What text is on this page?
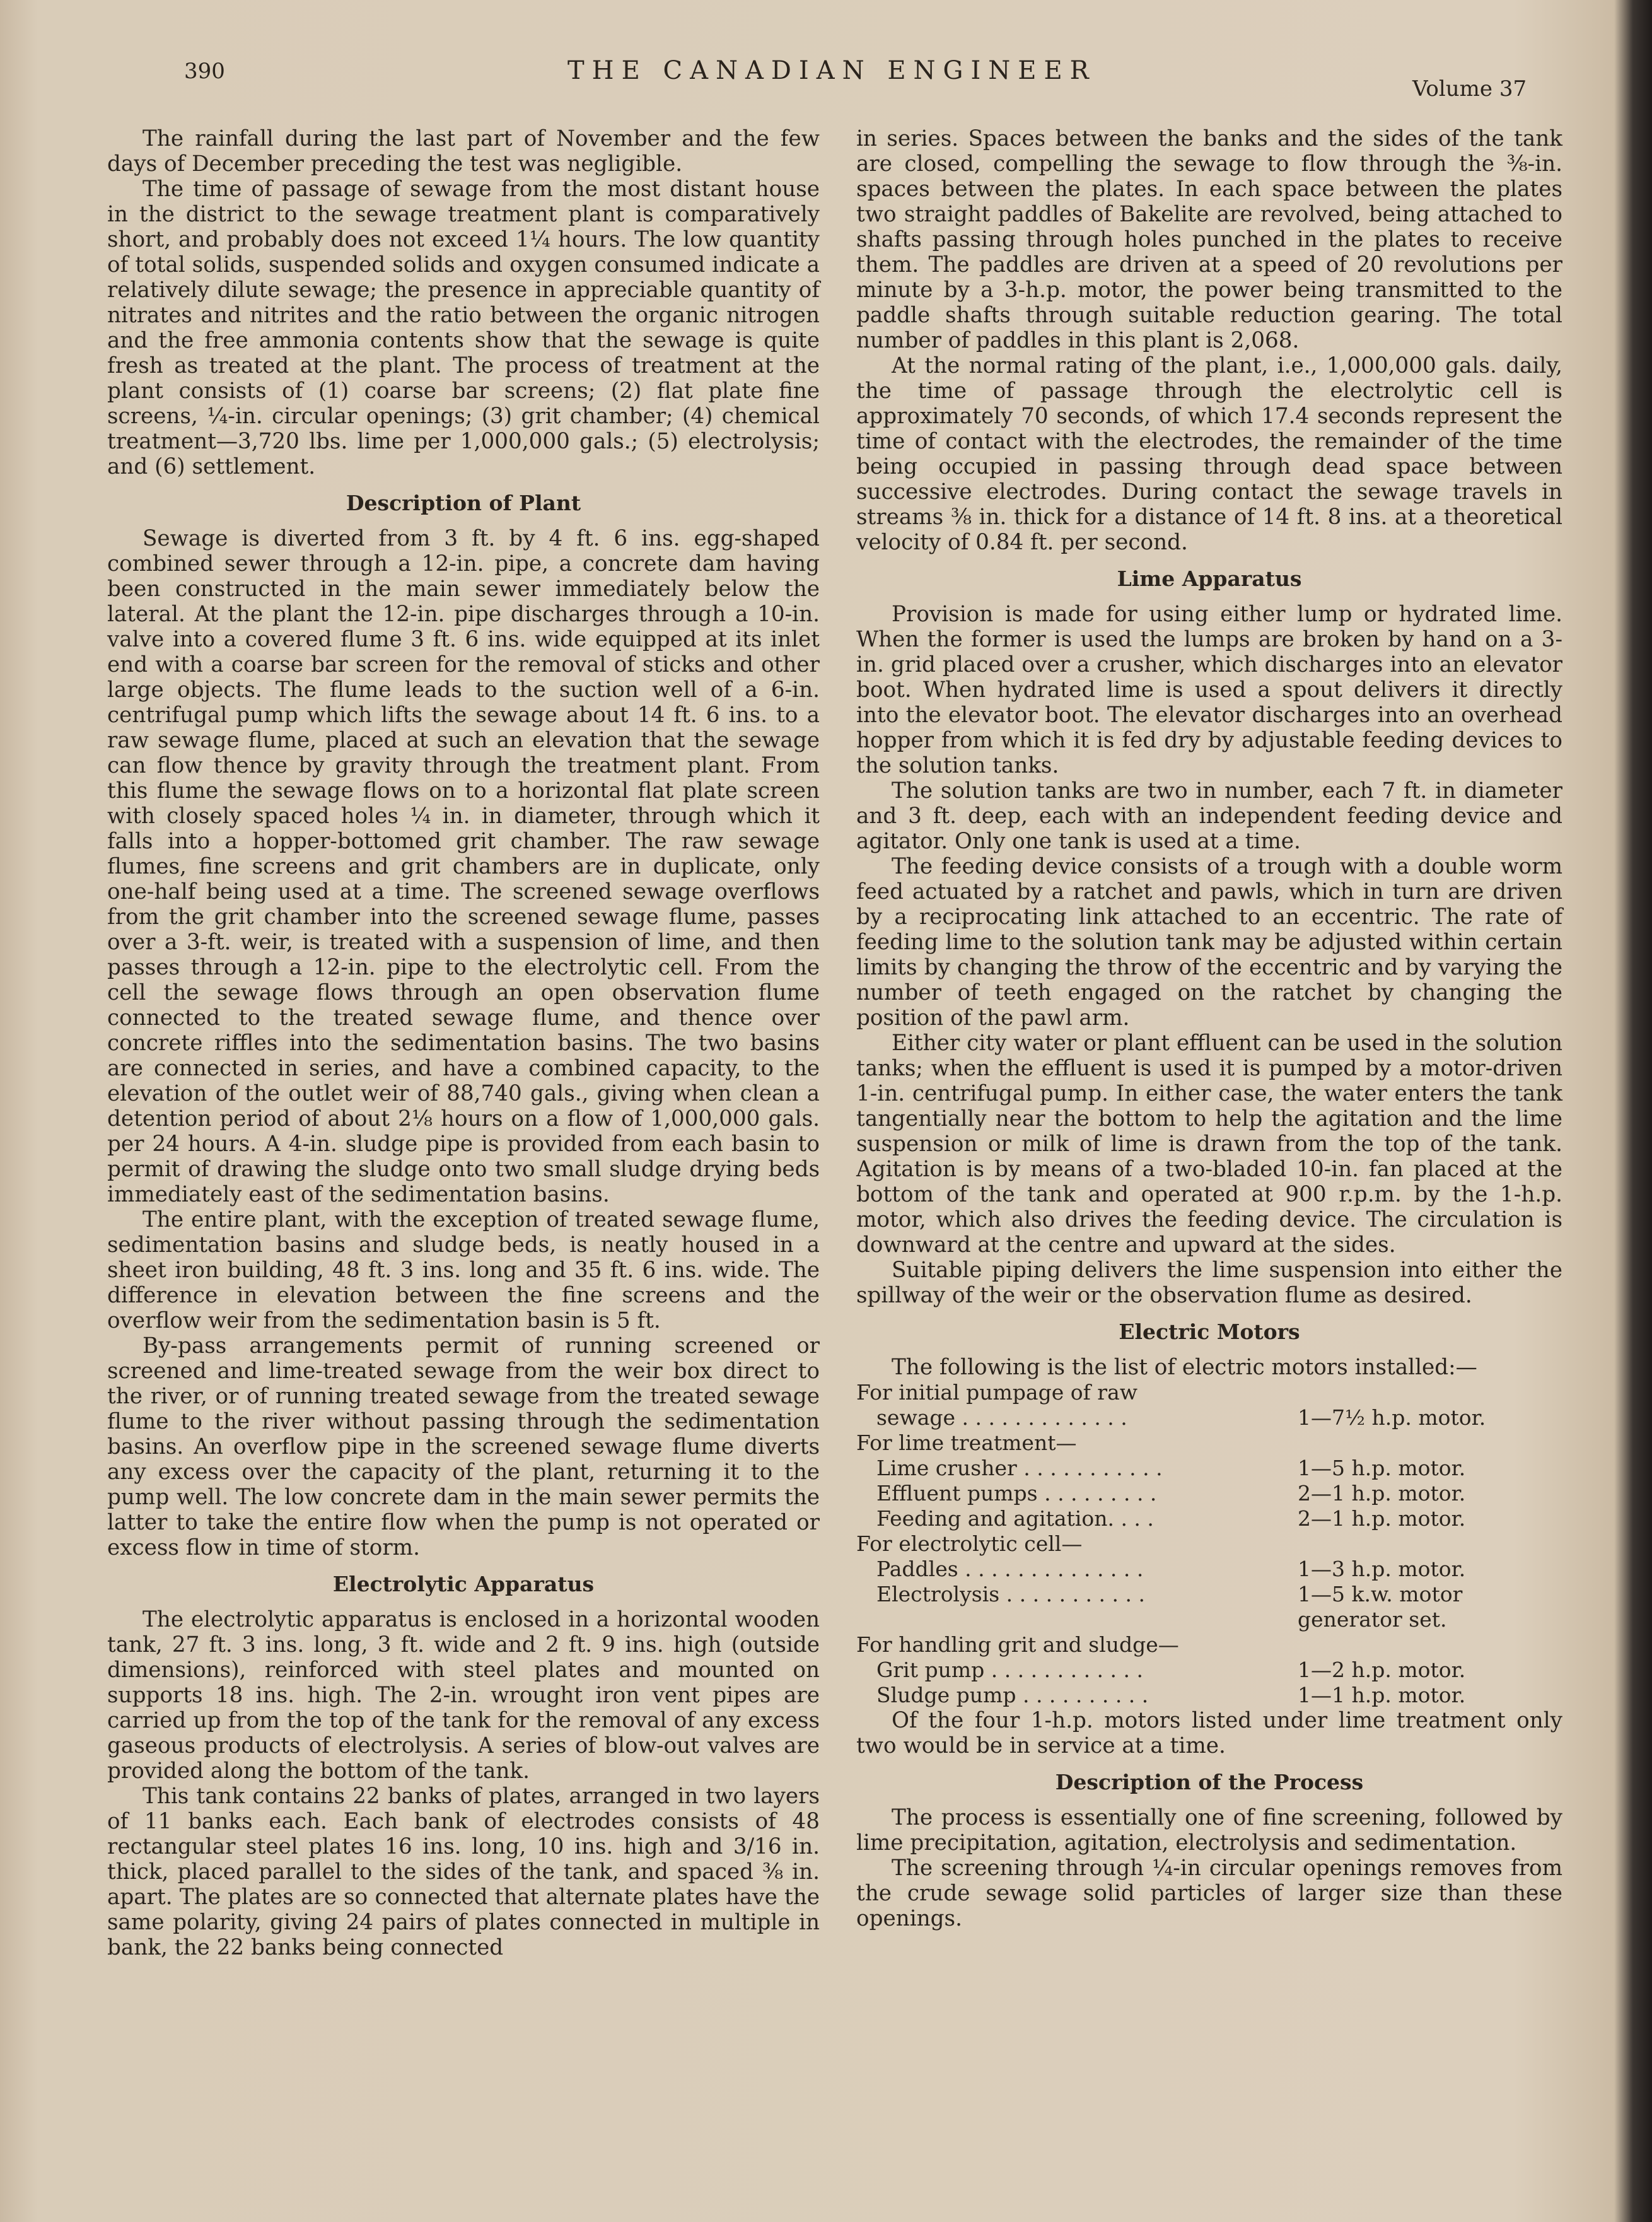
390	THE CANADIAN ENGINEER
Volume 37

The rainfall during the last part of November and the few days of December preceding the test was negligible.

The time of passage of sewage from the most distant house in the district to the sewage treatment plant is comparatively short, and probably does not exceed 1¼ hours. The low quantity of total solids, suspended solids and oxygen consumed indicate a relatively dilute sewage; the presence in appreciable quantity of nitrates and nitrites and the ratio between the organic nitrogen and the free ammonia contents show that the sewage is quite fresh as treated at the plant. The process of treatment at the plant consists of (1) coarse bar screens; (2) flat plate fine screens, ¼-in. circular openings; (3) grit chamber; (4) chemical treatment—3,720 lbs. lime per 1,000,000 gals.; (5) electrolysis; and (6) settlement.

Description of Plant

Sewage is diverted from 3 ft. by 4 ft. 6 ins. egg-shaped combined sewer through a 12-in. pipe, a concrete dam having been constructed in the main sewer immediately below the lateral. At the plant the 12-in. pipe discharges through a 10-in. valve into a covered flume 3 ft. 6 ins. wide equipped at its inlet end with a coarse bar screen for the removal of sticks and other large objects. The flume leads to the suction well of a 6-in. centrifugal pump which lifts the sewage about 14 ft. 6 ins. to a raw sewage flume, placed at such an elevation that the sewage can flow thence by gravity through the treatment plant. From this flume the sewage flows on to a horizontal flat plate screen with closely spaced holes ¼ in. in diameter, through which it falls into a hopper-bottomed grit chamber. The raw sewage flumes, fine screens and grit chambers are in duplicate, only one-half being used at a time. The screened sewage overflows from the grit chamber into the screened sewage flume, passes over a 3-ft. weir, is treated with a suspension of lime, and then passes through a 12-in. pipe to the electrolytic cell. From the cell the sewage flows through an open observation flume connected to the treated sewage flume, and thence over concrete riffles into the sedimentation basins. The two basins are connected in series, and have a combined capacity, to the elevation of the outlet weir of 88,740 gals., giving when clean a detention period of about 2⅛ hours on a flow of 1,000,000 gals. per 24 hours. A 4-in. sludge pipe is provided from each basin to permit of drawing the sludge onto two small sludge drying beds immediately east of the sedimentation basins.

The entire plant, with the exception of treated sewage flume, sedimentation basins and sludge beds, is neatly housed in a sheet iron building, 48 ft. 3 ins. long and 35 ft. 6 ins. wide. The difference in elevation between the fine screens and the overflow weir from the sedimentation basin is 5 ft.

By-pass arrangements permit of running screened or screened and lime-treated sewage from the weir box direct to the river, or of running treated sewage from the treated sewage flume to the river without passing through the sedimentation basins. An overflow pipe in the screened sewage flume diverts any excess over the capacity of the plant, returning it to the pump well. The low concrete dam in the main sewer permits the latter to take the entire flow when the pump is not operated or excess flow in time of storm.

Electrolytic Apparatus

The electrolytic apparatus is enclosed in a horizontal wooden tank, 27 ft. 3 ins. long, 3 ft. wide and 2 ft. 9 ins. high (outside dimensions), reinforced with steel plates and mounted on supports 18 ins. high. The 2-in. wrought iron vent pipes are carried up from the top of the tank for the removal of any excess gaseous products of electrolysis. A series of blow-out valves are provided along the bottom of the tank.

This tank contains 22 banks of plates, arranged in two layers of 11 banks each. Each bank of electrodes consists of 48 rectangular steel plates 16 ins. long, 10 ins. high and 3/16 in. thick, placed parallel to the sides of the tank, and spaced ⅜ in. apart. The plates are so connected that alternate plates have the same polarity, giving 24 pairs of plates connected in multiple in bank, the 22 banks being connected

in series. Spaces between the banks and the sides of the tank are closed, compelling the sewage to flow through the ⅜-in. spaces between the plates. In each space between the plates two straight paddles of Bakelite are revolved, being attached to shafts passing through holes punched in the plates to receive them. The paddles are driven at a speed of 20 revolutions per minute by a 3-h.p. motor, the power being transmitted to the paddle shafts through suitable reduction gearing. The total number of paddles in this plant is 2,068.

At the normal rating of the plant, i.e., 1,000,000 gals. daily, the time of passage through the electrolytic cell is approximately 70 seconds, of which 17.4 seconds represent the time of contact with the electrodes, the remainder of the time being occupied in passing through dead space between successive electrodes. During contact the sewage travels in streams ⅜ in. thick for a distance of 14 ft. 8 ins. at a theoretical velocity of 0.84 ft. per second.

Lime Apparatus

Provision is made for using either lump or hydrated lime. When the former is used the lumps are broken by hand on a 3-in. grid placed over a crusher, which discharges into an elevator boot. When hydrated lime is used a spout delivers it directly into the elevator boot. The elevator discharges into an overhead hopper from which it is fed dry by adjustable feeding devices to the solution tanks.

The solution tanks are two in number, each 7 ft. in diameter and 3 ft. deep, each with an independent feeding device and agitator. Only one tank is used at a time.

The feeding device consists of a trough with a double worm feed actuated by a ratchet and pawls, which in turn are driven by a reciprocating link attached to an eccentric. The rate of feeding lime to the solution tank may be adjusted within certain limits by changing the throw of the eccentric and by varying the number of teeth engaged on the ratchet by changing the position of the pawl arm.

Either city water or plant effluent can be used in the solution tanks; when the effluent is used it is pumped by a motor-driven 1-in. centrifugal pump. In either case, the water enters the tank tangentially near the bottom to help the agitation and the lime suspension or milk of lime is drawn from the top of the tank. Agitation is by means of a two-bladed 10-in. fan placed at the bottom of the tank and operated at 900 r.p.m. by the 1-h.p. motor, which also drives the feeding device. The circulation is downward at the centre and upward at the sides.

Suitable piping delivers the lime suspension into either the spillway of the weir or the observation flume as desired.

Electric Motors

The following is the list of electric motors installed:—

For initial pumpage of raw
sewage . . . . . . . . . . . . .	1—7½ h.p. motor.
For lime treatment—
Lime crusher . . . . . . . . . . .	1—5 h.p. motor.
Effluent pumps . . . . . . . . .	2—1 h.p. motor.
Feeding and agitation. . . .	2—1 h.p. motor.
For electrolytic cell—
Paddles . . . . . . . . . . . . . .	1—3 h.p. motor.
Electrolysis . . . . . . . . . . .	1—5 k.w. motor generator set.
For handling grit and sludge—
Grit pump . . . . . . . . . . . .	1—2 h.p. motor.
Sludge pump . . . . . . . . . .	1—1 h.p. motor.

Of the four 1-h.p. motors listed under lime treatment only two would be in service at a time.

Description of the Process

The process is essentially one of fine screening, followed by lime precipitation, agitation, electrolysis and sedimentation.

The screening through ¼-in circular openings removes from the crude sewage solid particles of larger size than these openings.
